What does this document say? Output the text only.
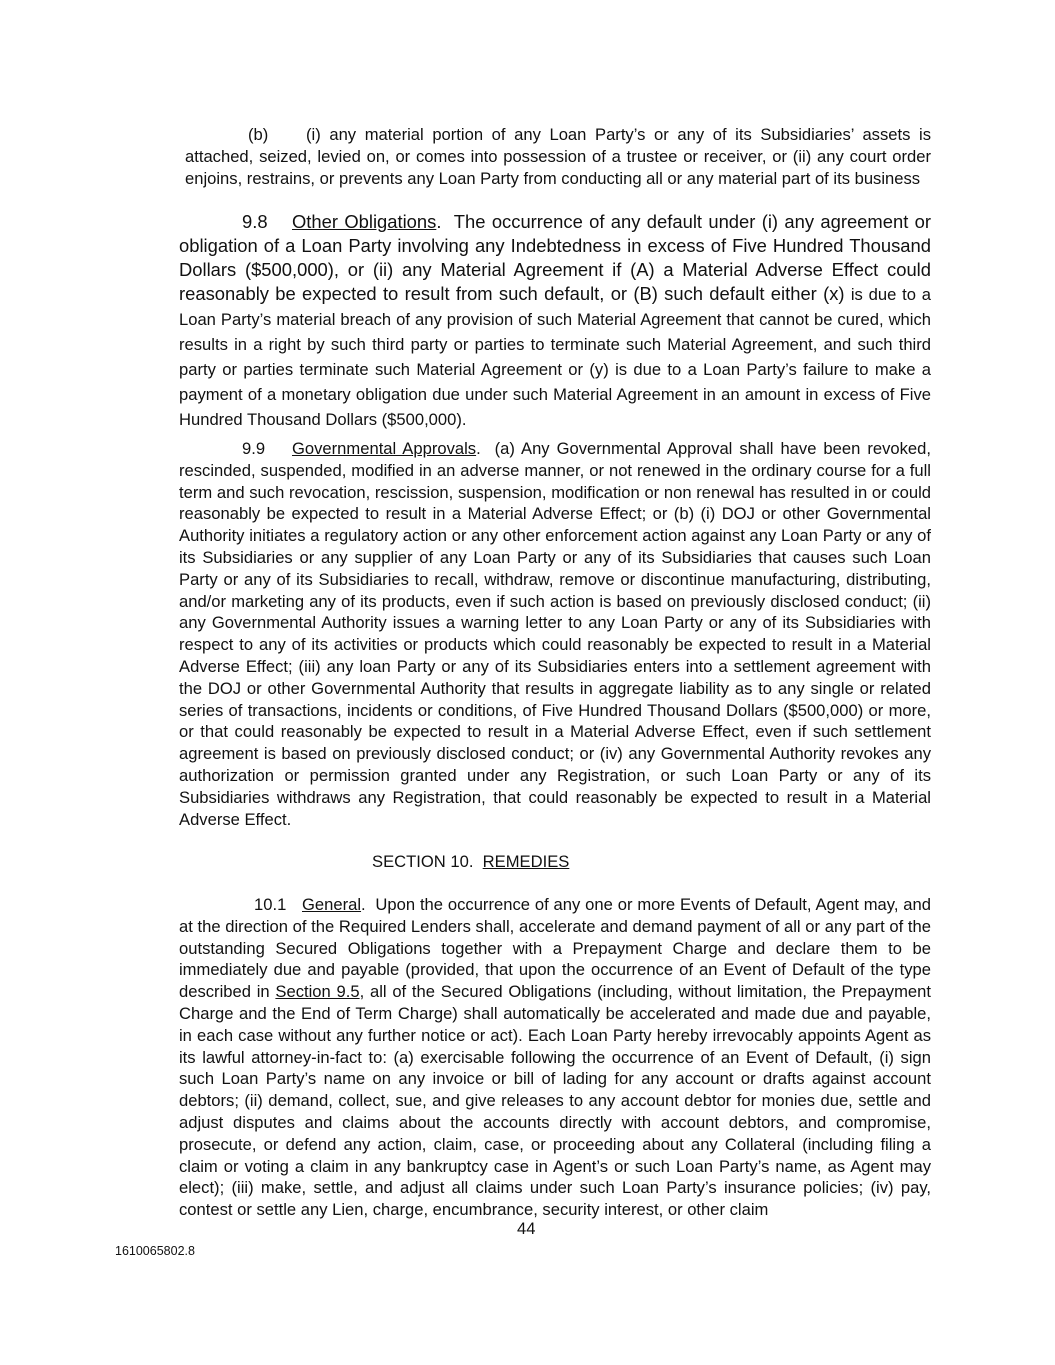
(b) (i) any material portion of any Loan Party’s or any of its Subsidiaries’ assets is attached, seized, levied on, or comes into possession of a trustee or receiver, or (ii) any court order enjoins, restrains, or prevents any Loan Party from conducting all or any material part of its business

9.8 Other Obligations.  The occurrence of any default under (i) any agreement or obligation of a Loan Party involving any Indebtedness in excess of Five Hundred Thousand Dollars ($500,000), or (ii) any Material Agreement if (A) a Material Adverse Effect could reasonably be expected to result from such default, or (B) such default either (x) is due to a Loan Party’s material breach of any provision of such Material Agreement that cannot be cured, which results in a right by such third party or parties to terminate such Material Agreement, and such third party or parties terminate such Material Agreement or (y) is due to a Loan Party’s failure to make a payment of a monetary obligation due under such Material Agreement in an amount in excess of Five Hundred Thousand Dollars ($500,000).

9.9 Governmental Approvals.  (a) Any Governmental Approval shall have been revoked, rescinded, suspended, modified in an adverse manner, or not renewed in the ordinary course for a full term and such revocation, rescission, suspension, modification or non renewal has resulted in or could reasonably be expected to result in a Material Adverse Effect; or (b) (i) DOJ or other Governmental Authority initiates a regulatory action or any other enforcement action against any Loan Party or any of its Subsidiaries or any supplier of any Loan Party or any of its Subsidiaries that causes such Loan Party or any of its Subsidiaries to recall, withdraw, remove or discontinue manufacturing, distributing, and/or marketing any of its products, even if such action is based on previously disclosed conduct; (ii) any Governmental Authority issues a warning letter to any Loan Party or any of its Subsidiaries with respect to any of its activities or products which could reasonably be expected to result in a Material Adverse Effect; (iii) any loan Party or any of its Subsidiaries enters into a settlement agreement with the DOJ or other Governmental Authority that results in aggregate liability as to any single or related series of transactions, incidents or conditions, of Five Hundred Thousand Dollars ($500,000) or more, or that could reasonably be expected to result in a Material Adverse Effect, even if such settlement agreement is based on previously disclosed conduct; or (iv) any Governmental Authority revokes any authorization or permission granted under any Registration, or such Loan Party or any of its Subsidiaries withdraws any Registration, that could reasonably be expected to result in a Material Adverse Effect.

SECTION 10. REMEDIES

10.1 General.  Upon the occurrence of any one or more Events of Default, Agent may, and at the direction of the Required Lenders shall, accelerate and demand payment of all or any part of the outstanding Secured Obligations together with a Prepayment Charge and declare them to be immediately due and payable (provided, that upon the occurrence of an Event of Default of the type described in Section 9.5, all of the Secured Obligations (including, without limitation, the Prepayment Charge and the End of Term Charge) shall automatically be accelerated and made due and payable, in each case without any further notice or act). Each Loan Party hereby irrevocably appoints Agent as its lawful attorney-in-fact to: (a) exercisable following the occurrence of an Event of Default, (i) sign such Loan Party’s name on any invoice or bill of lading for any account or drafts against account debtors; (ii) demand, collect, sue, and give releases to any account debtor for monies due, settle and adjust disputes and claims about the accounts directly with account debtors, and compromise, prosecute, or defend any action, claim, case, or proceeding about any Collateral (including filing a claim or voting a claim in any bankruptcy case in Agent’s or such Loan Party’s name, as Agent may elect); (iii) make, settle, and adjust all claims under such Loan Party’s insurance policies; (iv) pay, contest or settle any Lien, charge, encumbrance, security interest, or other claim

44
1610065802.8
